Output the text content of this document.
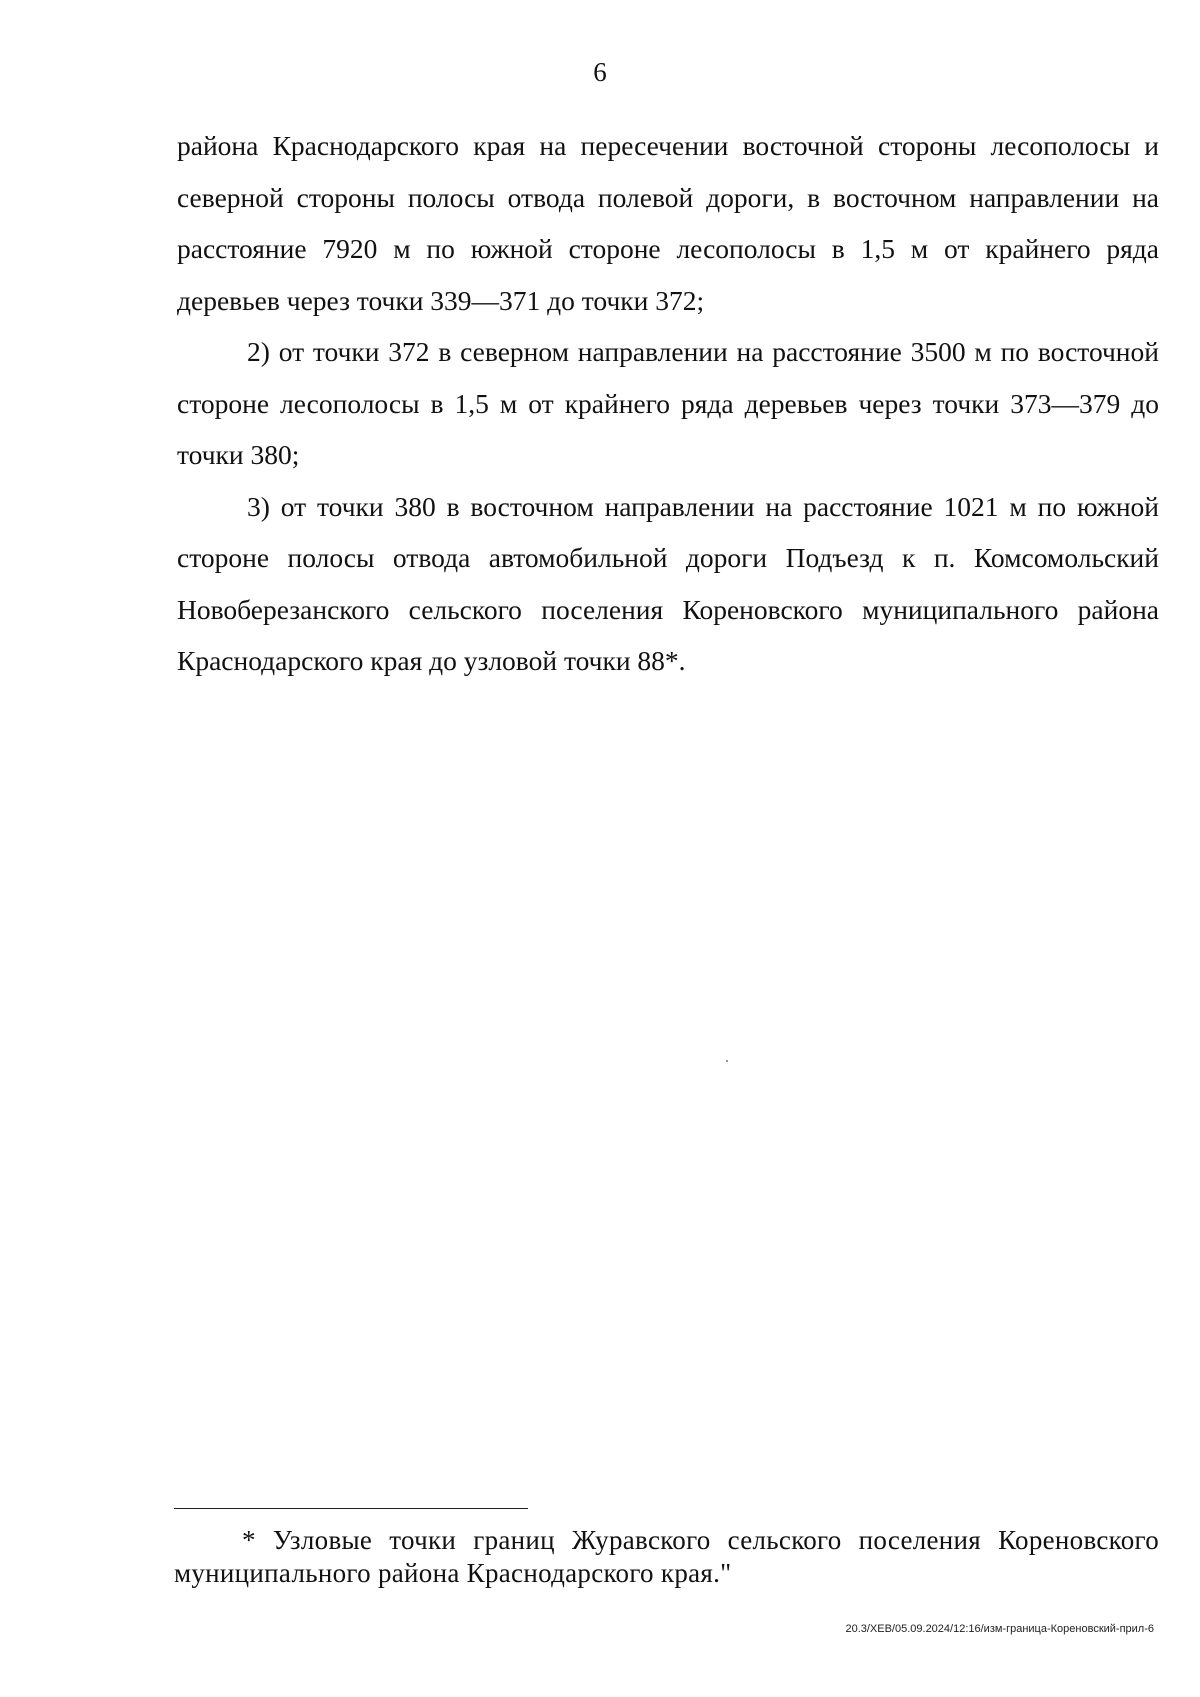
6

района Краснодарского края на пересечении восточной стороны лесополосы и северной стороны полосы отвода полевой дороги, в восточном направлении на расстояние 7920 м по южной стороне лесополосы в 1,5 м от крайнего ряда деревьев через точки 339—371 до точки 372;

2) от точки 372 в северном направлении на расстояние 3500 м по восточной стороне лесополосы в 1,5 м от крайнего ряда деревьев через точки 373—379 до точки 380;

3) от точки 380 в восточном направлении на расстояние 1021 м по южной стороне полосы отвода автомобильной дороги Подъезд к п. Комсомольский Новоберезанского сельского поселения Кореновского муниципального района Краснодарского края до узловой точки 88*.

* Узловые точки границ Журавского сельского поселения Кореновского муниципального района Краснодарского края."

20.3/ХЕВ/05.09.2024/12:16/изм-граница-Кореновский-прил-6
